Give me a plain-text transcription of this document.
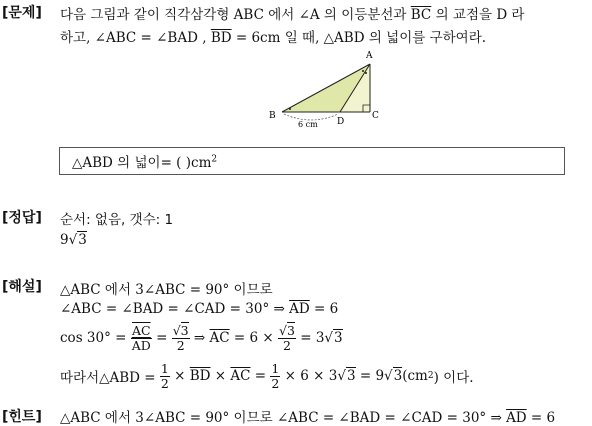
[문제] 다음 그림과 같이 직각삼각형 ABC 에서 ∠A 의 이등분선과 $\overline{BC}$ 의 교점을 D 라
하고, ∠ABC = ∠BAD , $\overline{BD} = 6cm$ 일 때, △ABD 의 넓이를 구하여라.
A
B	C
D
6 cm
△ABD 의 넓이= ( )$cm^2$
[정답] 순서: 없음, 갯수: 1
9√3
[해설] △ABC 에서 3∠ABC = 90° 이므로
∠ABC = ∠BAD = ∠CAD = 30° ⇒ $\overline{AD} = 6$
$\cos 30^\circ = \frac{\overline{AC}}{AD} = \frac{√3}{2}$ ⇒ $\overline{AC} = 6 \times \frac{√3}{2} = 3$ √3
따라서△ABD = $\frac{1}{2} \times \overline{BD} \times \overline{AC} = \frac{1}{2} \times 6 \times 3$ √3 = 9 √3 (cm 2 ) 이다.
[힌트] △ABC 에서 3∠ABC = 90° 이므로 ∠ABC = ∠BAD = ∠CAD = 30° ⇒ $\overline{AD} = 6$
